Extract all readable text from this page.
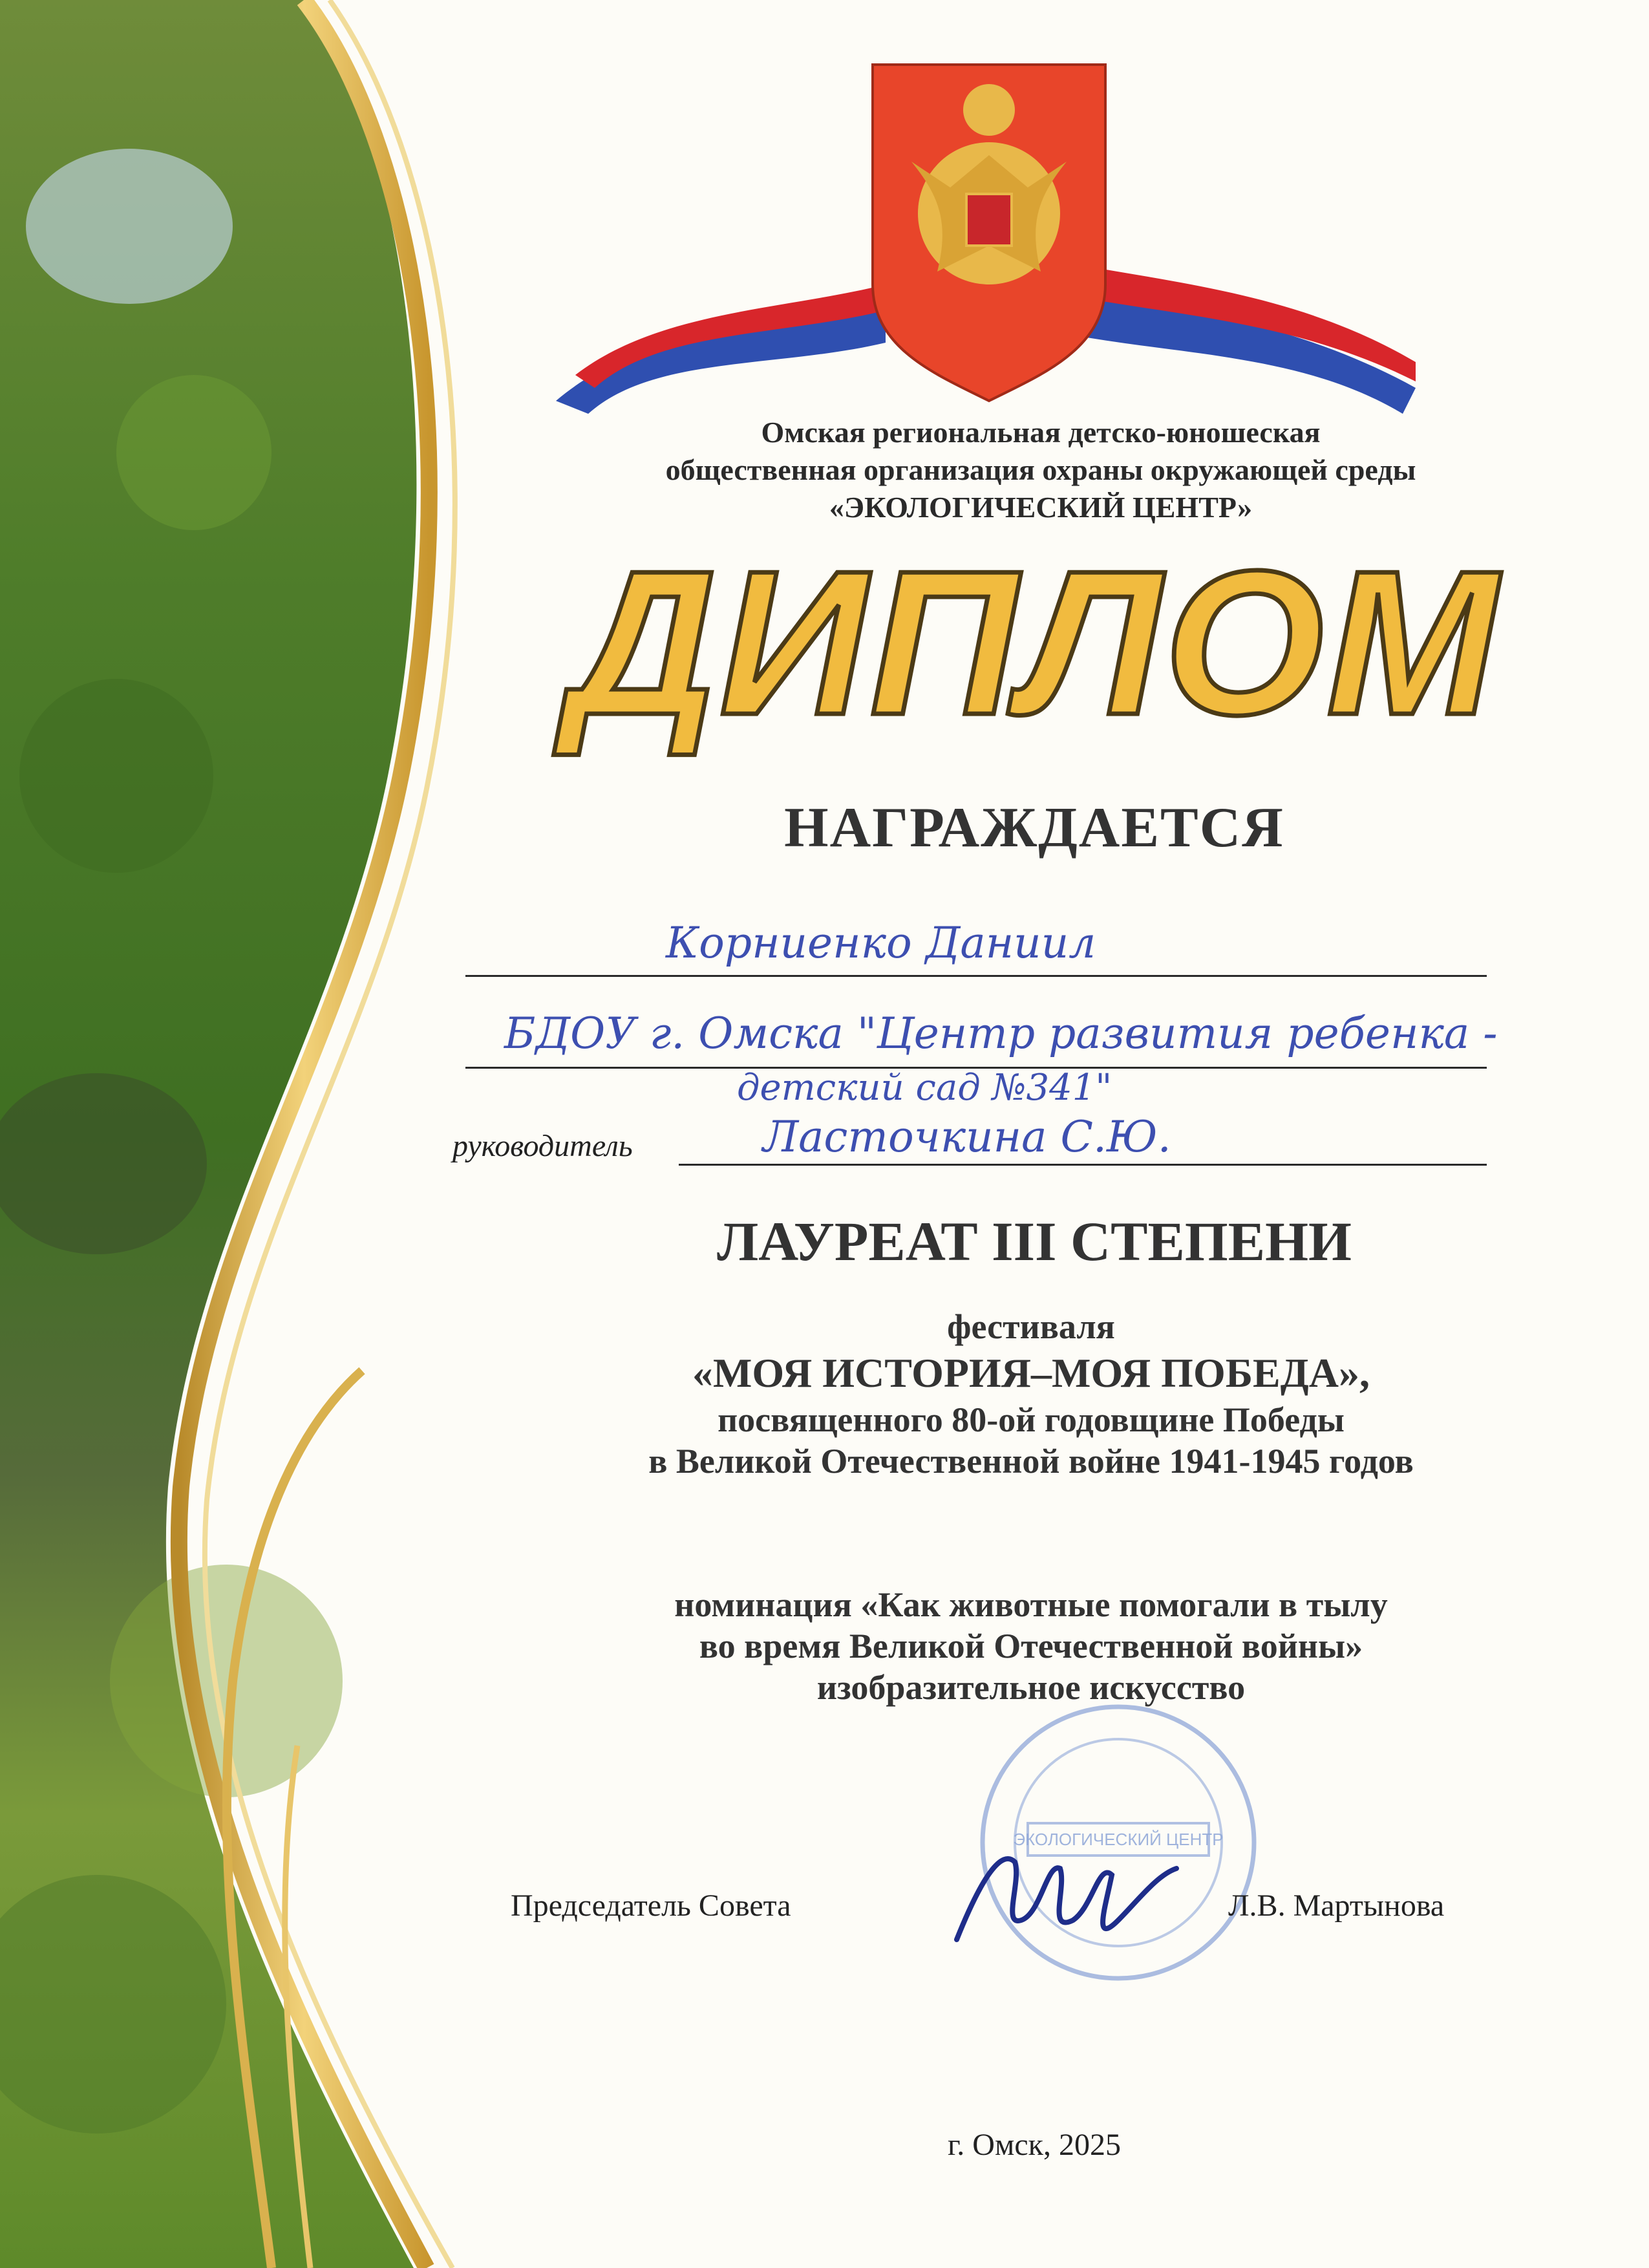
Омская региональная детско-юношеская
общественная организация охраны окружающей среды
«ЭКОЛОГИЧЕСКИЙ ЦЕНТР»
ДИПЛОМ
НАГРАЖДАЕТСЯ
Корниенко Даниил
БДОУ г. Омска "Центр развития ребенка -
детский сад №341"
руководитель	Ласточкина С.Ю.
ЛАУРЕАТ III СТЕПЕНИ
фестиваля
«МОЯ ИСТОРИЯ–МОЯ ПОБЕДА»,
посвященного 80-ой годовщине Победы
в Великой Отечественной войне 1941-1945 годов
номинация «Как животные помогали в тылу
во время Великой Отечественной войны»
изобразительное искусство
ЭКОЛОГИЧЕСКИЙ ЦЕНТР
Председатель Совета	Л.В. Мартынова
г. Омск, 2025
